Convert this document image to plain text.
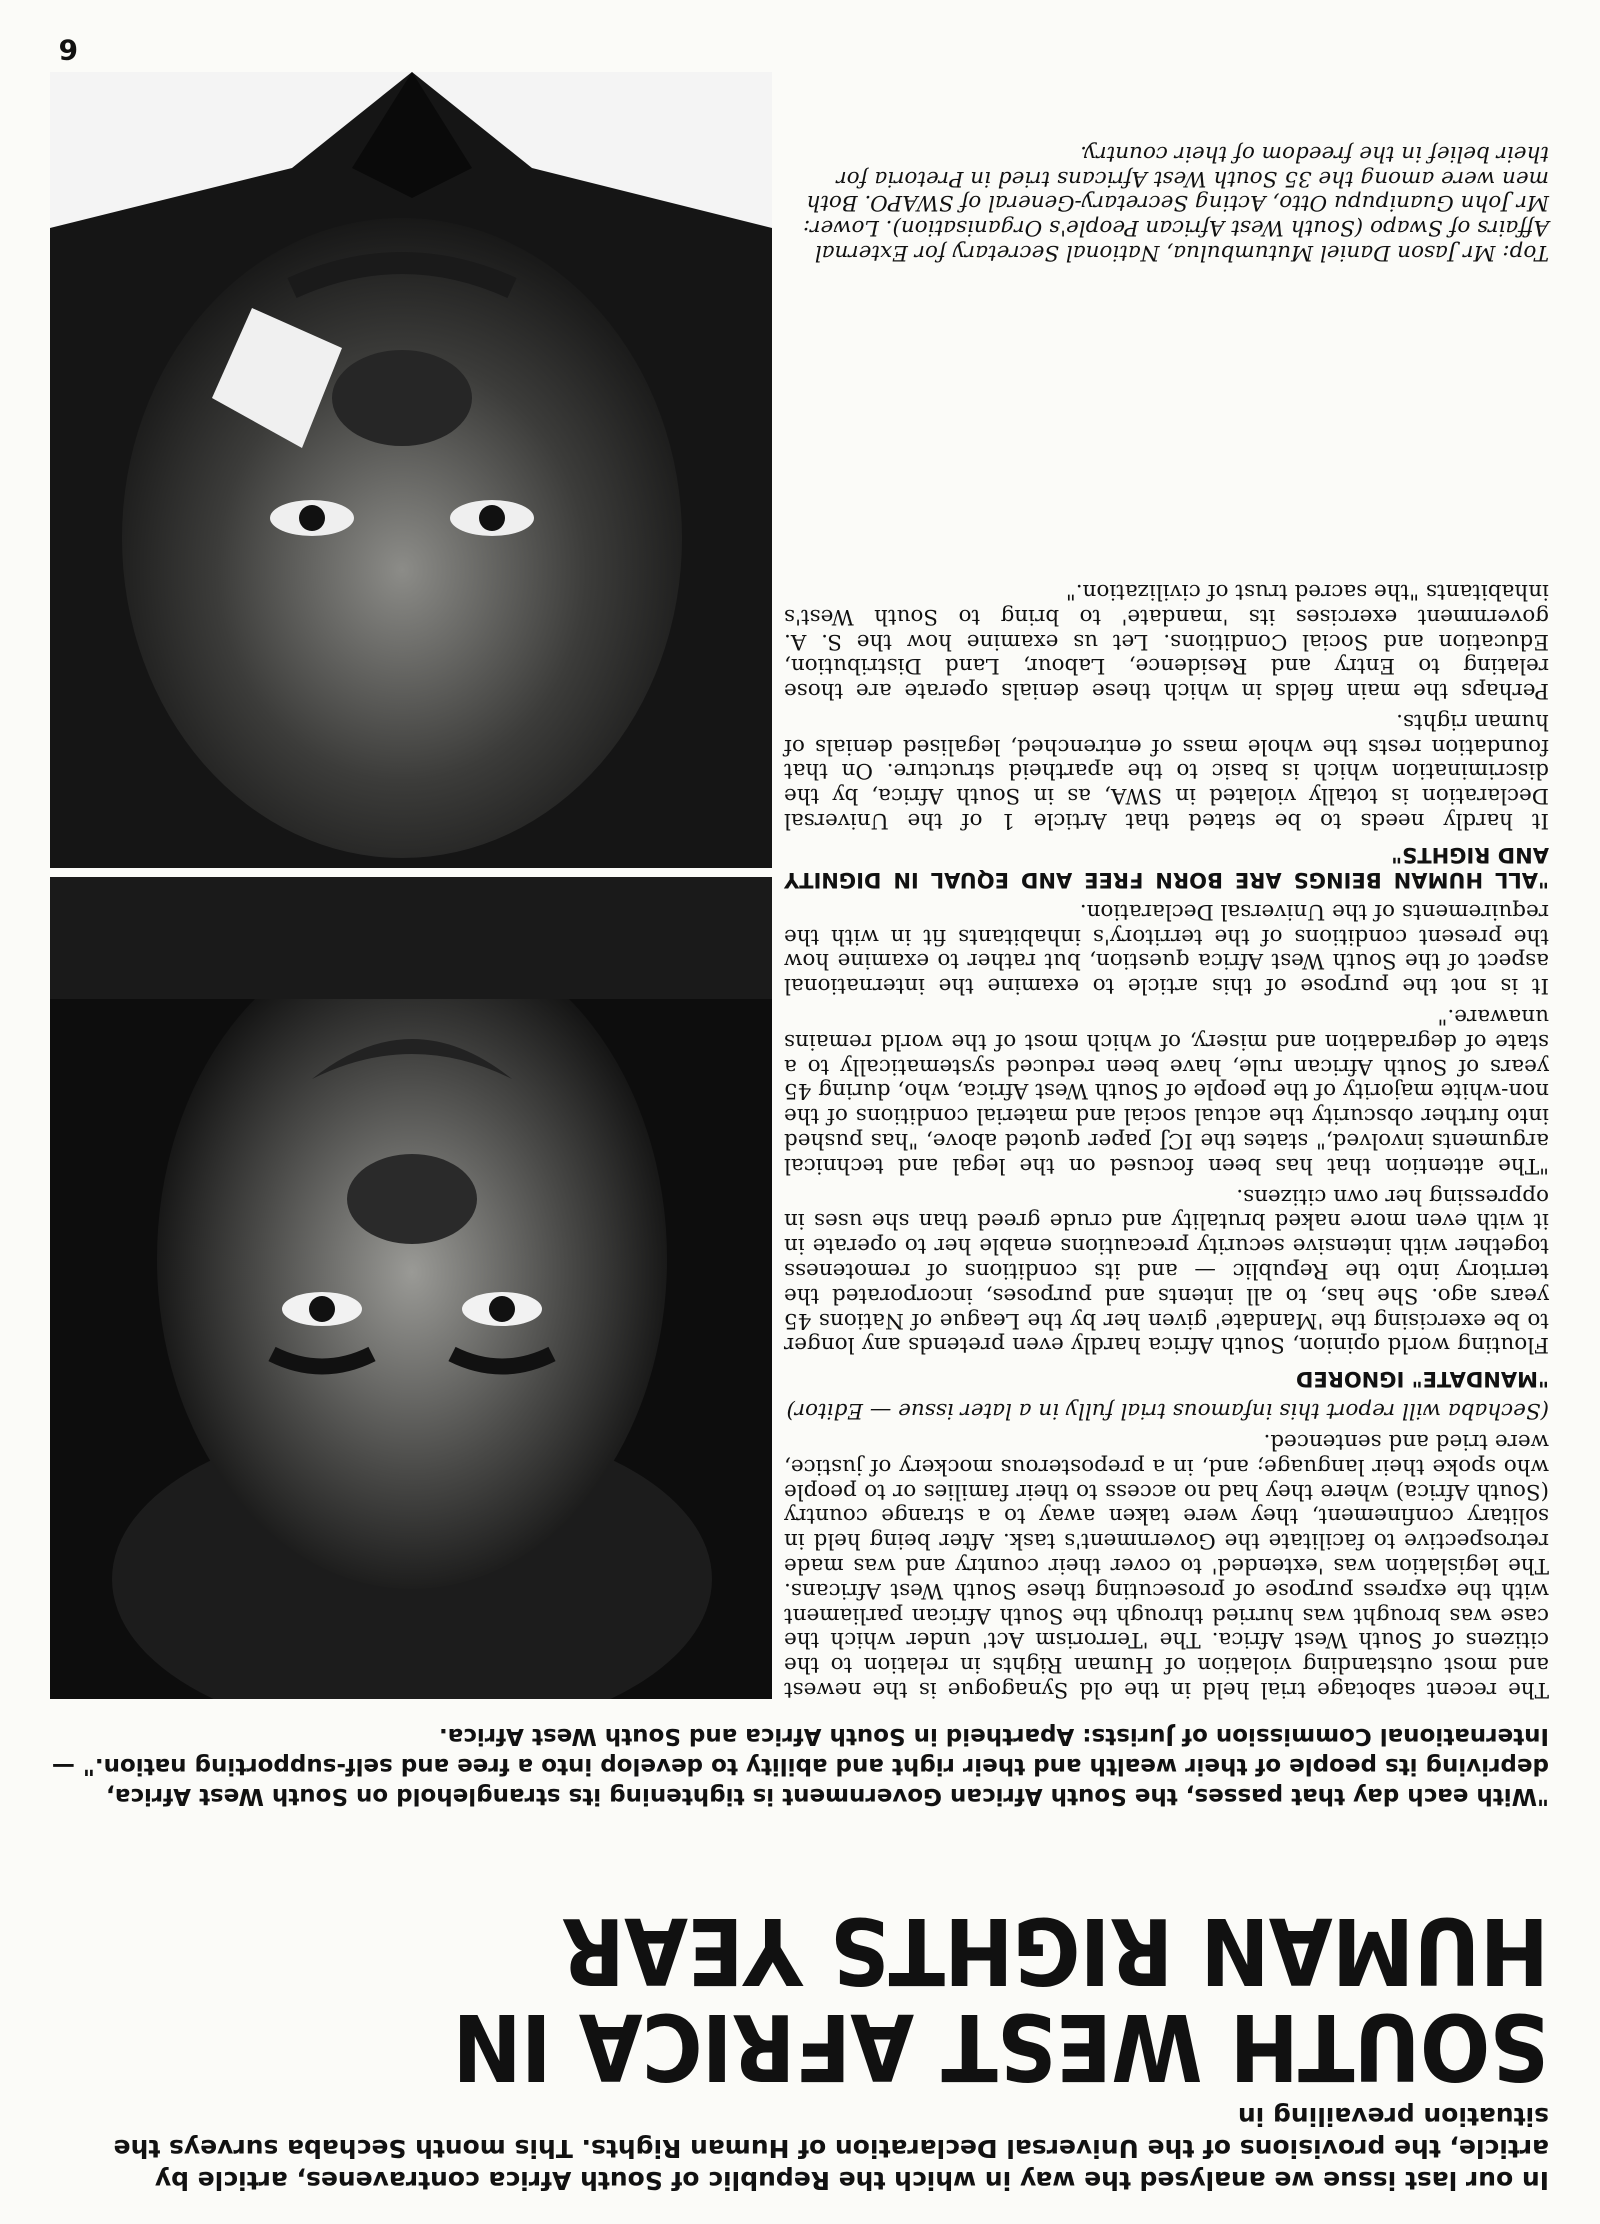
In our last issue we analysed the way in which the Republic of South Africa contravenes, article by article, the provisions of the Universal Declaration of Human Rights. This month Sechaba surveys the situation prevailing in
SOUTH WEST AFRICA IN
HUMAN RIGHTS YEAR
"With each day that passes, the South African Government is tightening its stranglehold on South West Africa, depriving its people of their wealth and their right and ability to develop into a free and self-supporting nation." — International Commission of Jurists: Apartheid in South Africa and South West Africa.

The recent sabotage trial held in the old Synagogue is the newest and most outstanding violation of Human Rights in relation to the citizens of South West Africa. The 'Terrorism Act' under which the case was brought was hurried through the South African parliament with the express purpose of prosecuting these South West Africans. The legislation was 'extended' to cover their country and was made retrospective to facilitate the Government's task. After being held in solitary confinement, they were taken away to a strange country (South Africa) where they had no access to their families or to people who spoke their language; and, in a preposterous mockery of justice, were tried and sentenced.

(Sechaba will report this infamous trial fully in a later issue — Editor)

"MANDATE" IGNORED

Flouting world opinion, South Africa hardly even pretends any longer to be exercising the 'Mandate' given her by the League of Nations 45 years ago. She has, to all intents and purposes, incorporated the territory into the Republic — and its conditions of remoteness together with intensive security precautions enable her to operate in it with even more naked brutality and crude greed than she uses in oppressing her own citizens.

"The attention that has been focused on the legal and technical arguments involved," states the ICJ paper quoted above, "has pushed into further obscurity the actual social and material conditions of the non-white majority of the people of South West Africa, who, during 45 years of South African rule, have been reduced systematically to a state of degradation and misery, of which most of the world remains unaware."

It is not the purpose of this article to examine the international aspect of the South West Africa question, but rather to examine how the present conditions of the territory's inhabitants fit in with the requirements of the Universal Declaration.

"ALL HUMAN BEINGS ARE BORN FREE AND EQUAL IN DIGNITY AND RIGHTS"

It hardly needs to be stated that Article 1 of the Universal Declaration is totally violated in SWA, as in South Africa, by the discrimination which is basic to the apartheid structure. On that foundation rests the whole mass of entrenched, legalised denials of human rights.

Perhaps the main fields in which these denials operate are those relating to Entry and Residence, Labour, Land Distribution, Education and Social Conditions. Let us examine how the S. A. government exercises its 'mandate' to bring to South West's inhabitants "the sacred trust of civilization."

Top: Mr Jason Daniel Mutumbulua, National Secretary for External Affairs of Swapo (South West African People's Organisation). Lower: Mr John Guanipupu Otto, Acting Secretary-General of SWAPO. Both men were among the 35 South West Africans tried in Pretoria for their belief in the freedom of their country.
6
